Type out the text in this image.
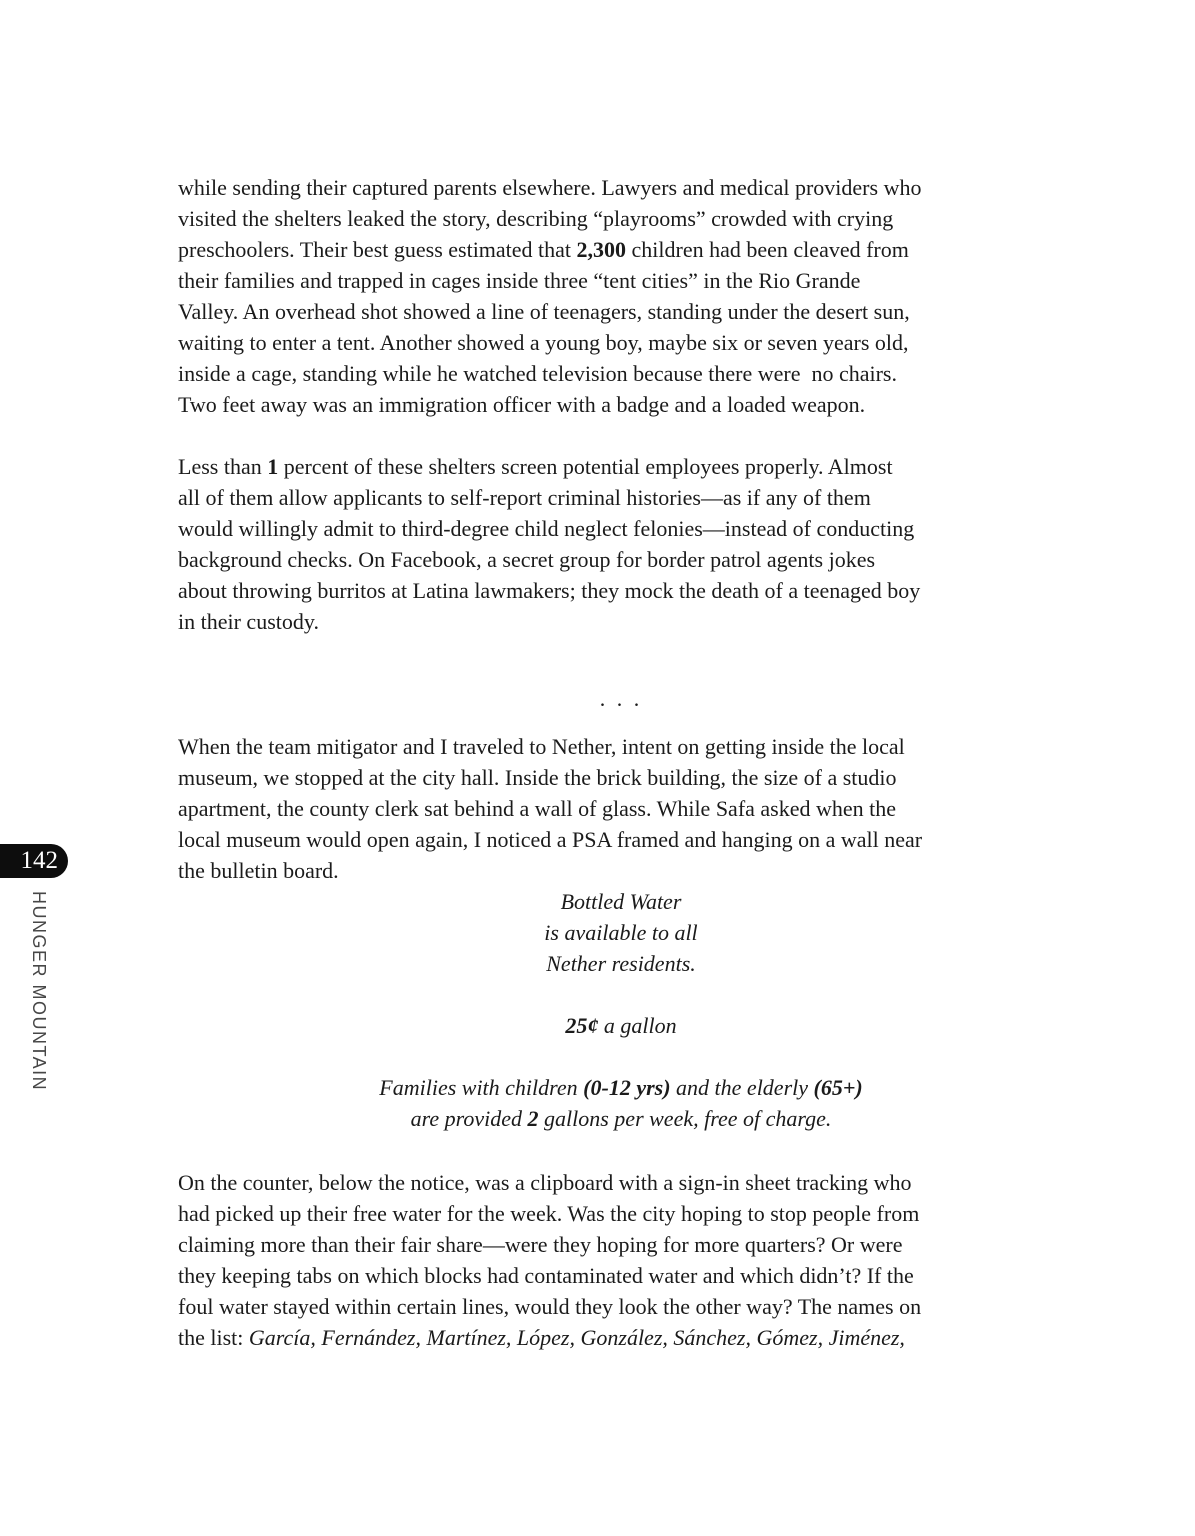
142
HUNGER MOUNTAIN
while sending their captured parents elsewhere. Lawyers and medical providers who
visited the shelters leaked the story, describing “playrooms” crowded with crying
preschoolers. Their best guess estimated that 2,300 children had been cleaved from
their families and trapped in cages inside three “tent cities” in the Rio Grande
Valley. An overhead shot showed a line of teenagers, standing under the desert sun,
waiting to enter a tent. Another showed a young boy, maybe six or seven years old,
inside a cage, standing while he watched television because there were  no chairs.
Two feet away was an immigration officer with a badge and a loaded weapon.
Less than 1 percent of these shelters screen potential employees properly. Almost
all of them allow applicants to self-report criminal histories—as if any of them
would willingly admit to third-degree child neglect felonies—instead of conducting
background checks. On Facebook, a secret group for border patrol agents jokes
about throwing burritos at Latina lawmakers; they mock the death of a teenaged boy
in their custody.
. . .
When the team mitigator and I traveled to Nether, intent on getting inside the local
museum, we stopped at the city hall. Inside the brick building, the size of a studio
apartment, the county clerk sat behind a wall of glass. While Safa asked when the
local museum would open again, I noticed a PSA framed and hanging on a wall near
the bulletin board.
Bottled Water
is available to all
Nether residents.
25¢ a gallon
Families with children (0-12 yrs) and the elderly (65+)
are provided 2 gallons per week, free of charge.
On the counter, below the notice, was a clipboard with a sign-in sheet tracking who
had picked up their free water for the week. Was the city hoping to stop people from
claiming more than their fair share—were they hoping for more quarters? Or were
they keeping tabs on which blocks had contaminated water and which didn’t? If the
foul water stayed within certain lines, would they look the other way? The names on
the list: García, Fernández, Martínez, López, González, Sánchez, Gómez, Jiménez,
